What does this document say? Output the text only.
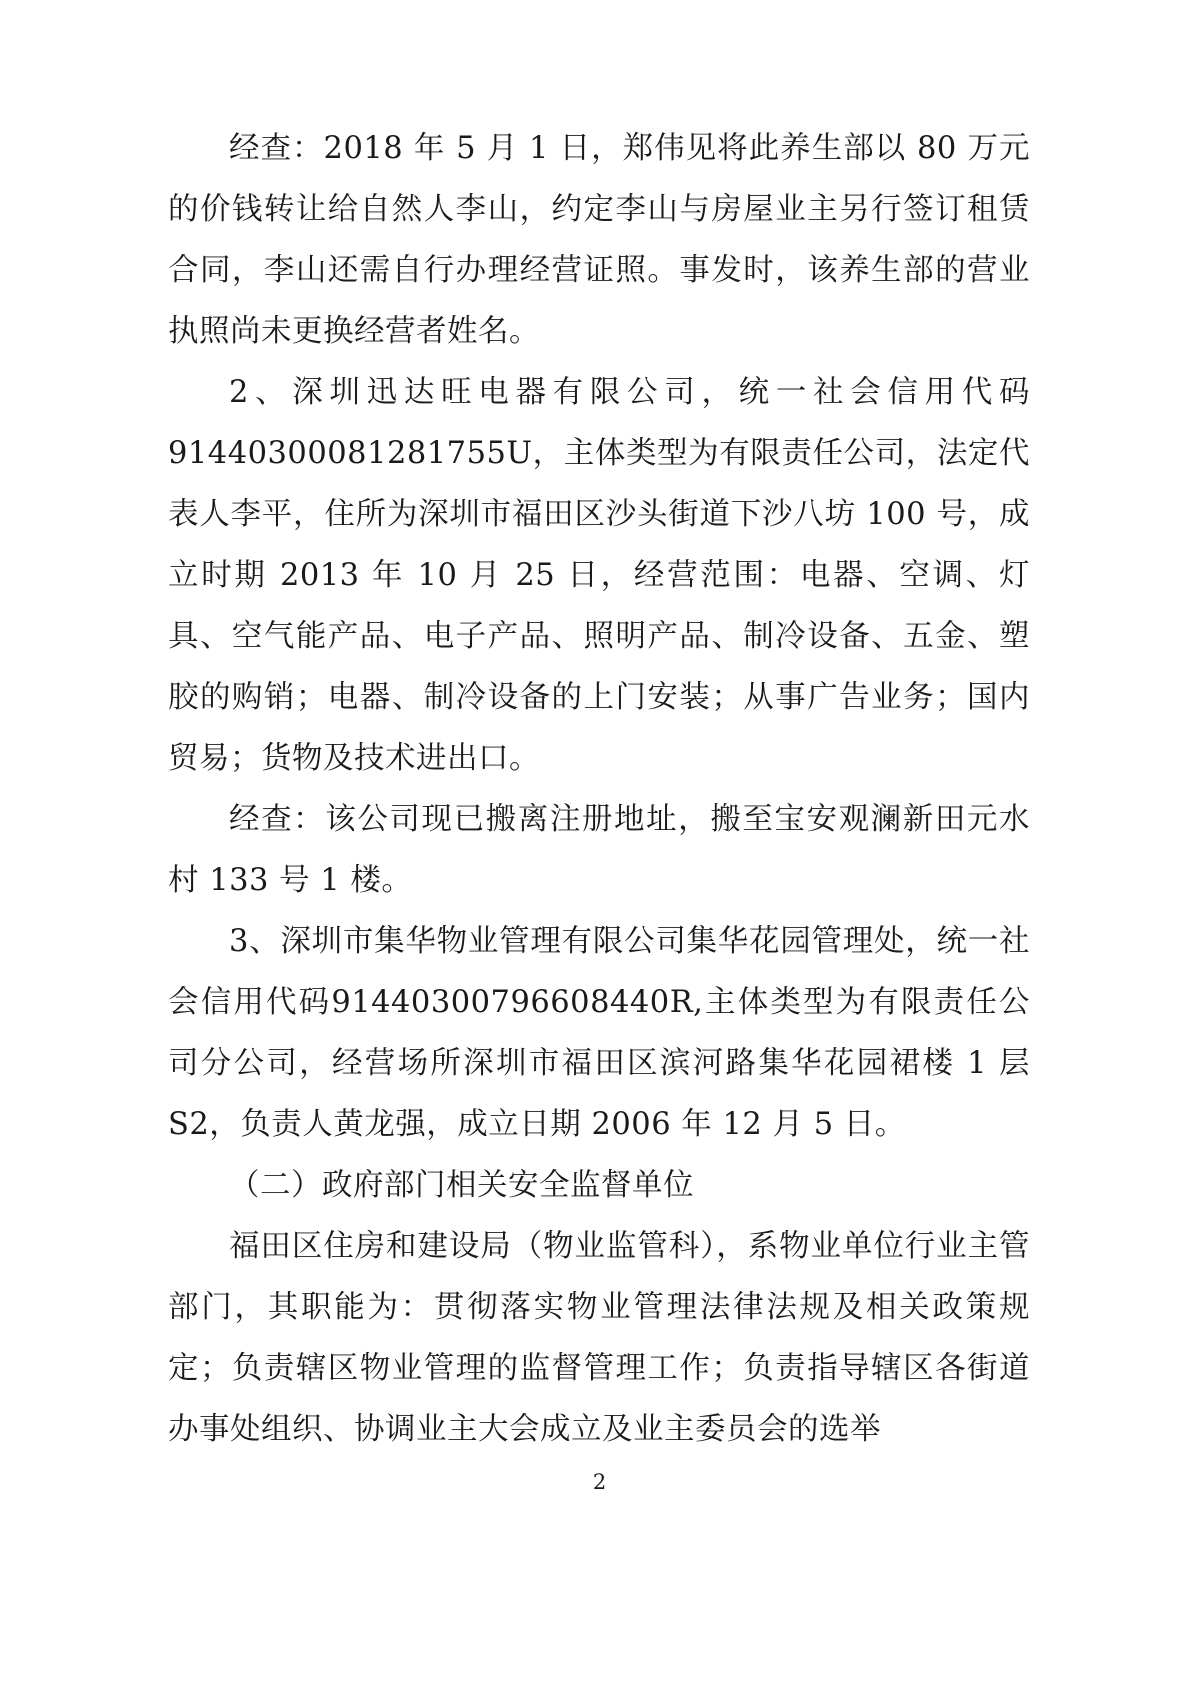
经查：2018 年 5 月 1 日，郑伟见将此养生部以 80 万元的价钱转让给自然人李山，约定李山与房屋业主另行签订租赁合同，李山还需自行办理经营证照。事发时，该养生部的营业执照尚未更换经营者姓名。

2、深圳迅达旺电器有限公司，统一社会信用代码91440300081281755U，主体类型为有限责任公司，法定代表人李平，住所为深圳市福田区沙头街道下沙八坊 100 号，成立时期 2013 年 10 月 25 日，经营范围：电器、空调、灯具、空气能产品、电子产品、照明产品、制冷设备、五金、塑胶的购销；电器、制冷设备的上门安装；从事广告业务；国内贸易；货物及技术进出口。

经查：该公司现已搬离注册地址，搬至宝安观澜新田元水村 133 号 1 楼。

3、深圳市集华物业管理有限公司集华花园管理处，统一社会信用代码91440300796608440R,主体类型为有限责任公司分公司，经营场所深圳市福田区滨河路集华花园裙楼 1 层 S2，负责人黄龙强，成立日期 2006 年 12 月 5 日。

（二）政府部门相关安全监督单位

福田区住房和建设局（物业监管科），系物业单位行业主管部门，其职能为：贯彻落实物业管理法律法规及相关政策规定；负责辖区物业管理的监督管理工作；负责指导辖区各街道办事处组织、协调业主大会成立及业主委员会的选举

2
